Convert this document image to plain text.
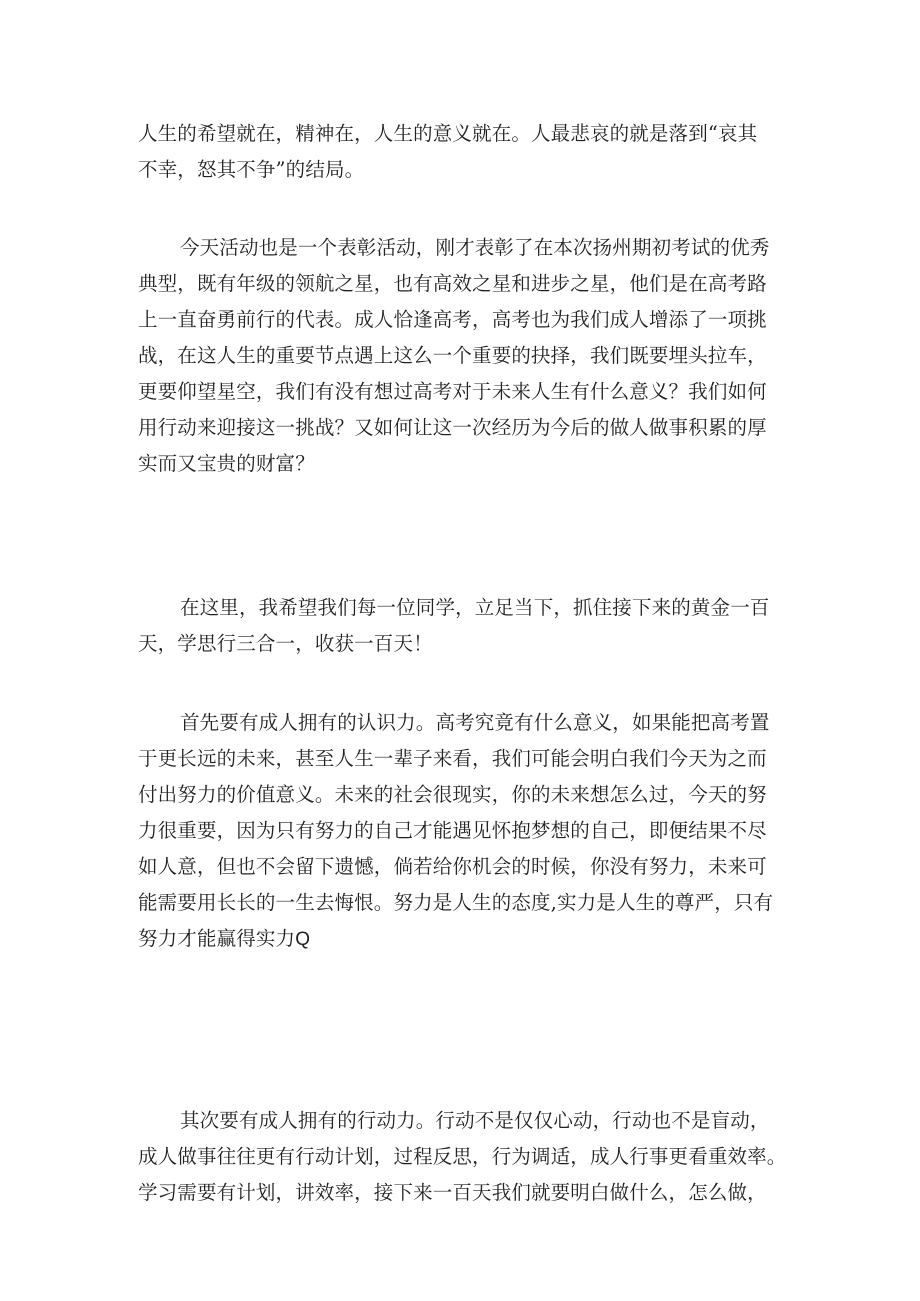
人生的希望就在，精神在，人生的意义就在。人最悲哀的就是落到“哀其
不幸，怒其不争”的结局。
今天活动也是一个表彰活动，刚才表彰了在本次扬州期初考试的优秀
典型，既有年级的领航之星，也有高效之星和进步之星，他们是在高考路
上一直奋勇前行的代表。成人恰逢高考，高考也为我们成人增添了一项挑
战，在这人生的重要节点遇上这么一个重要的抉择，我们既要埋头拉车，
更要仰望星空，我们有没有想过高考对于未来人生有什么意义？我们如何
用行动来迎接这一挑战？又如何让这一次经历为今后的做人做事积累的厚
实而又宝贵的财富？
在这里，我希望我们每一位同学，立足当下，抓住接下来的黄金一百
天，学思行三合一，收获一百天！
首先要有成人拥有的认识力。高考究竟有什么意义，如果能把高考置
于更长远的未来，甚至人生一辈子来看，我们可能会明白我们今天为之而
付出努力的价值意义。未来的社会很现实，你的未来想怎么过，今天的努
力很重要，因为只有努力的自己才能遇见怀抱梦想的自己，即便结果不尽
如人意，但也不会留下遗憾，倘若给你机会的时候，你没有努力，未来可
能需要用长长的一生去悔恨。努力是人生的态度,实力是人生的尊严，只有
努力才能赢得实力Q
其次要有成人拥有的行动力。行动不是仅仅心动，行动也不是盲动，
成人做事往往更有行动计划，过程反思，行为调适，成人行事更看重效率。
学习需要有计划，讲效率，接下来一百天我们就要明白做什么，怎么做，
